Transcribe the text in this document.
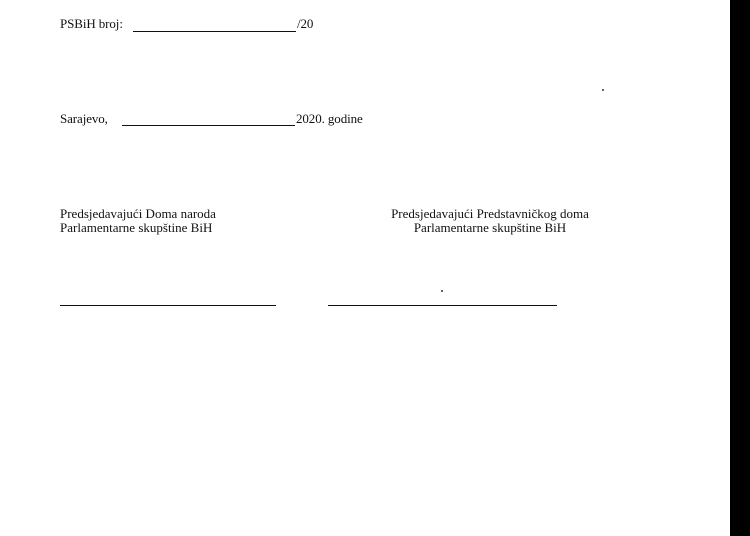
PSBiH broj:	/20
Sarajevo,	2020. godine
Predsjedavajući Doma naroda
Parlamentarne skupštine BiH
Predsjedavajući Predstavničkog doma
Parlamentarne skupštine BiH
